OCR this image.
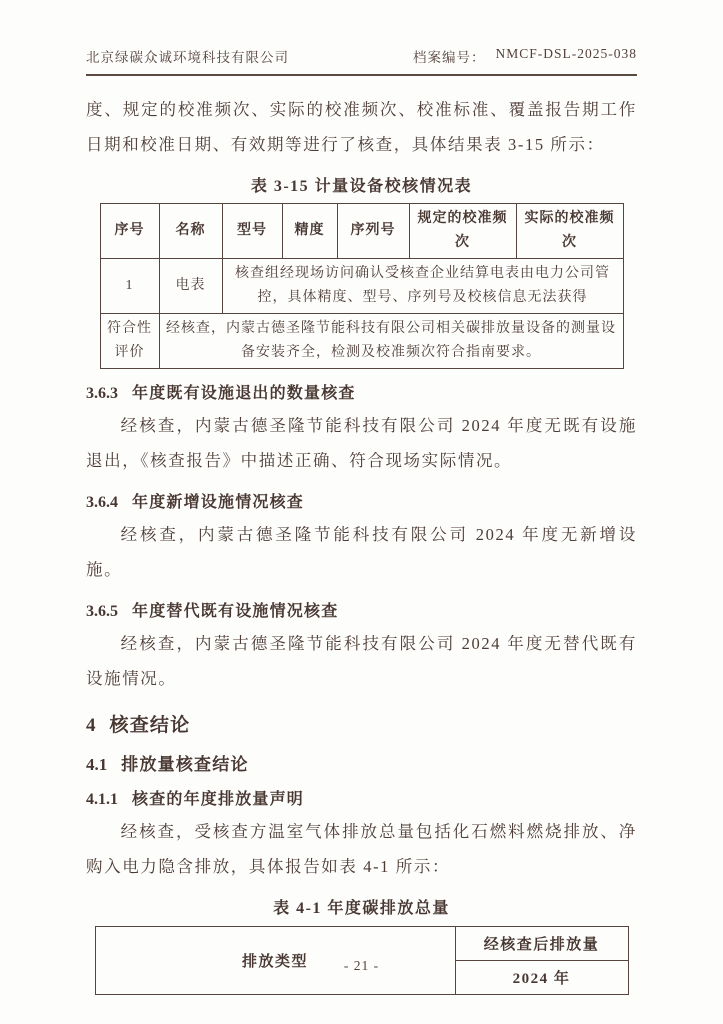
北京绿碳众诚环境科技有限公司	档案编号： NMCF-DSL-2025-038

度、规定的校准频次、实际的校准频次、校准标准、覆盖报告期工作日期和校准日期、有效期等进行了核查，具体结果表 3-15 所示：

表 3-15 计量设备校核情况表
序号	名称	型号	精度	序列号	规定的校准频次	实际的校准频次
1	电表	核查组经现场访问确认受核查企业结算电表由电力公司管控，具体精度、型号、序列号及校核信息无法获得				
符合性评价	经核查，内蒙古德圣隆节能科技有限公司相关碳排放量设备的测量设备安装齐全，检测及校准频次符合指南要求。					
3.6.3 年度既有设施退出的数量核查

经核查，内蒙古德圣隆节能科技有限公司 2024 年度无既有设施退出，《核查报告》中描述正确、符合现场实际情况。

3.6.4 年度新增设施情况核查

经核查，内蒙古德圣隆节能科技有限公司 2024 年度无新增设施。

3.6.5 年度替代既有设施情况核查

经核查，内蒙古德圣隆节能科技有限公司 2024 年度无替代既有设施情况。

4 核查结论
4.1 排放量核查结论
4.1.1 核查的年度排放量声明

经核查，受核查方温室气体排放总量包括化石燃料燃烧排放、净购入电力隐含排放，具体报告如表 4-1 所示：

表 4-1 年度碳排放总量
排放类型	经核查后排放量
2024 年
- 21 -
